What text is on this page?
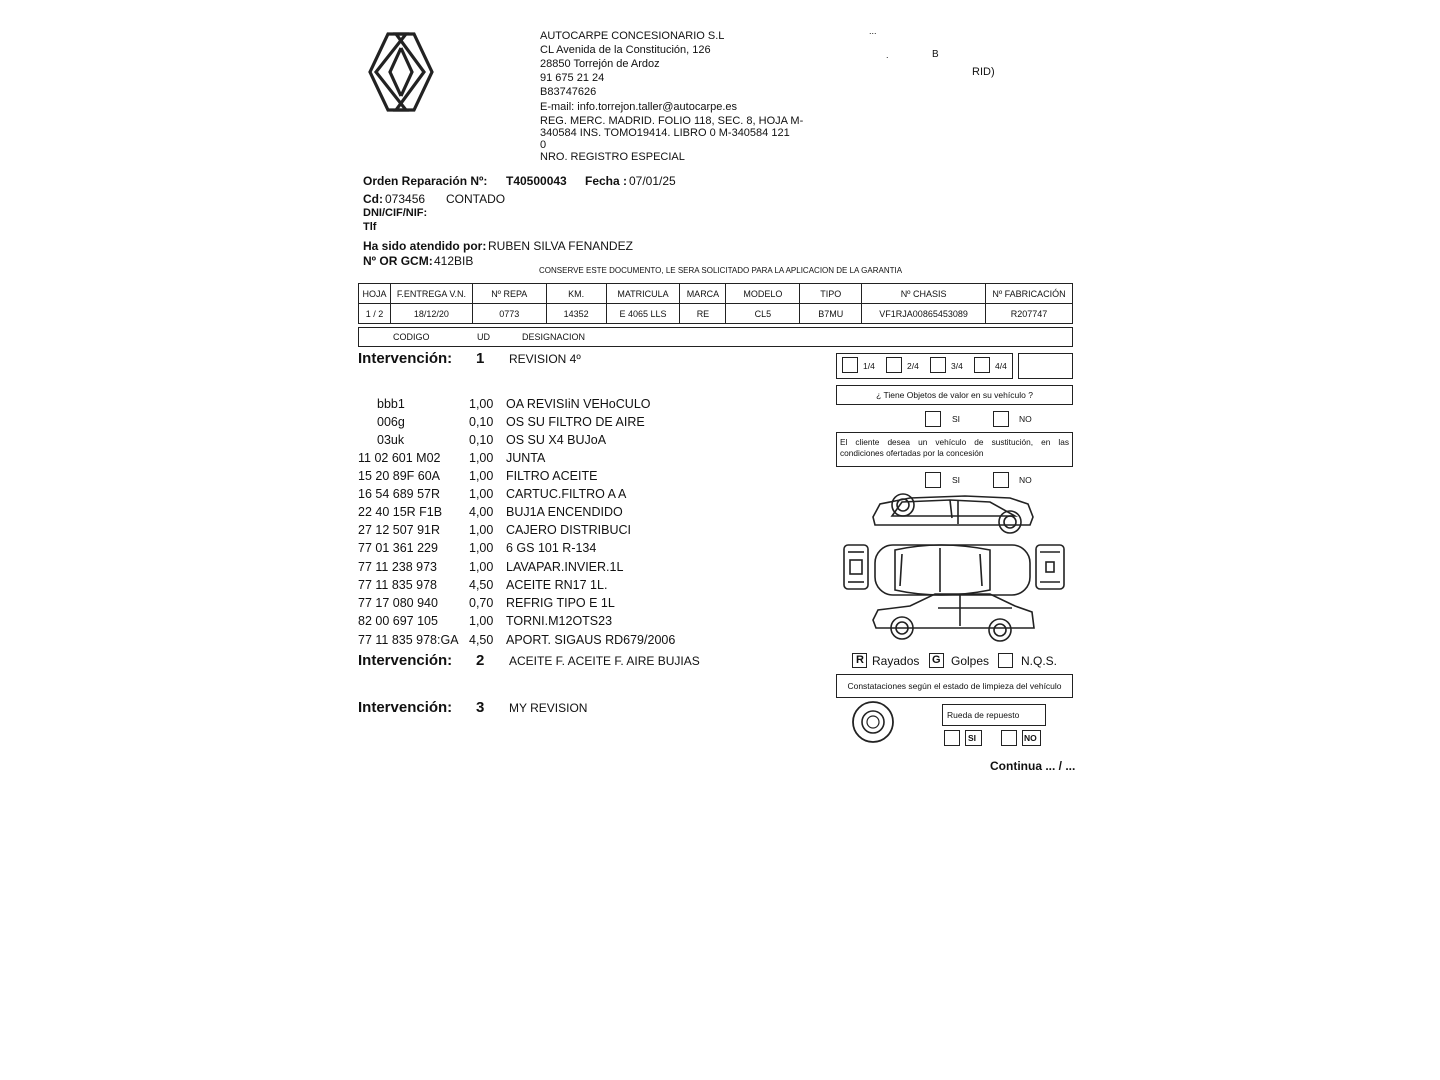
AUTOCARPE CONCESIONARIO S.L
CL Avenida de la Constitución, 126
28850 Torrejón de Ardoz
91 675 21 24
B83747626
E-mail: info.torrejon.taller@autocarpe.es
REG. MERC. MADRID. FOLIO 118, SEC. 8, HOJA M-
340584 INS. TOMO19414. LIBRO 0 M-340584 121
0
NRO. REGISTRO ESPECIAL
...
B
.
RID)
Orden Reparación Nº: T40500043 Fecha : 07/01/25
Cd: 073456 CONTADO
DNI/CIF/NIF:
Tlf
Ha sido atendido por: RUBEN SILVA FENANDEZ
Nº OR GCM: 412BIB
CONSERVE ESTE DOCUMENTO, LE SERA SOLICITADO PARA LA APLICACION DE LA GARANTIA
HOJA	F.ENTREGA V.N.	Nº REPA	KM.	MATRICULA	MARCA	MODELO	TIPO	Nº CHASIS	Nº FABRICACIÓN
1 / 2	18/12/20	0773	14352	E 4065 LLS	RE	CL5	B7MU	VF1RJA00865453089	R207747
CODIGO	UD	DESIGNACION
Intervención: 1 REVISION 4º
Intervención: 2 ACEITE F. ACEITE F. AIRE BUJIAS
Intervención: 3 MY REVISION
bbb1	1,00 OA REVISIiN VEHoCULO
006g	0,10 OS SU FILTRO DE AIRE
03uk	0,10 OS SU X4 BUJoA
11 02 601 M02 1,00 JUNTA
15 20 89F 60A 1,00 FILTRO ACEITE
16 54 689 57R 1,00 CARTUC.FILTRO A A
22 40 15R F1B 4,00 BUJ1A ENCENDIDO
27 12 507 91R 1,00 CAJERO DISTRIBUCI
77 01 361 229 1,00 6 GS 101 R-134
77 11 238 973	1,00 LAVAPAR.INVIER.1L
77 11 835 978	4,50 ACEITE RN17 1L.
77 17 080 940 0,70 REFRIG TIPO E 1L
82 00 697 105 1,00 TORNI.M12OTS23
77 11 835 978:GA 4,50 APORT. SIGAUS RD679/2006
1/4	2/4	3/4	4/4
¿ Tiene Objetos de valor en su vehículo ?
SI	NO
El cliente desea un vehículo de sustitución, en las condiciones ofertadas por la concesión
SI	NO
R Rayados G Golpes	N.Q.S.
Constataciones según el estado de limpieza del vehículo
Rueda de repuesto
SI	NO
Continua ... / ...
